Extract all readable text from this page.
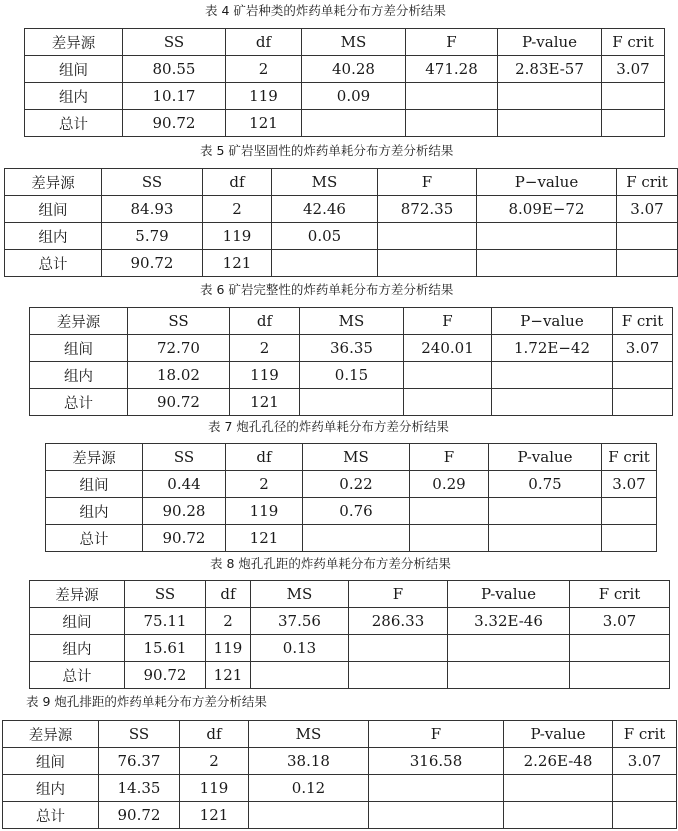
表 4 矿岩种类的炸药单耗分布方差分析结果
差异源	SS	df	MS	F	P-value	F crit
组间	80.55	2	40.28	471.28	2.83E-57	3.07
组内	10.17	119	0.09			
总计	90.72	121				
表 5 矿岩坚固性的炸药单耗分布方差分析结果
差异源	SS	df	MS	F	P−value	F crit
组间	84.93	2	42.46	872.35	8.09E−72	3.07
组内	5.79	119	0.05			
总计	90.72	121				
表 6 矿岩完整性的炸药单耗分布方差分析结果
差异源	SS	df	MS	F	P−value	F crit
组间	72.70	2	36.35	240.01	1.72E−42	3.07
组内	18.02	119	0.15			
总计	90.72	121				
表 7 炮孔孔径的炸药单耗分布方差分析结果
差异源	SS	df	MS	F	P-value	F crit
组间	0.44	2	0.22	0.29	0.75	3.07
组内	90.28	119	0.76			
总计	90.72	121				
表 8 炮孔孔距的炸药单耗分布方差分析结果
差异源	SS	df	MS	F	P-value	F crit
组间	75.11	2	37.56	286.33	3.32E-46	3.07
组内	15.61	119	0.13			
总计	90.72	121				
表 9 炮孔排距的炸药单耗分布方差分析结果
差异源	SS	df	MS	F	P-value	F crit
组间	76.37	2	38.18	316.58	2.26E-48	3.07
组内	14.35	119	0.12			
总计	90.72	121				
